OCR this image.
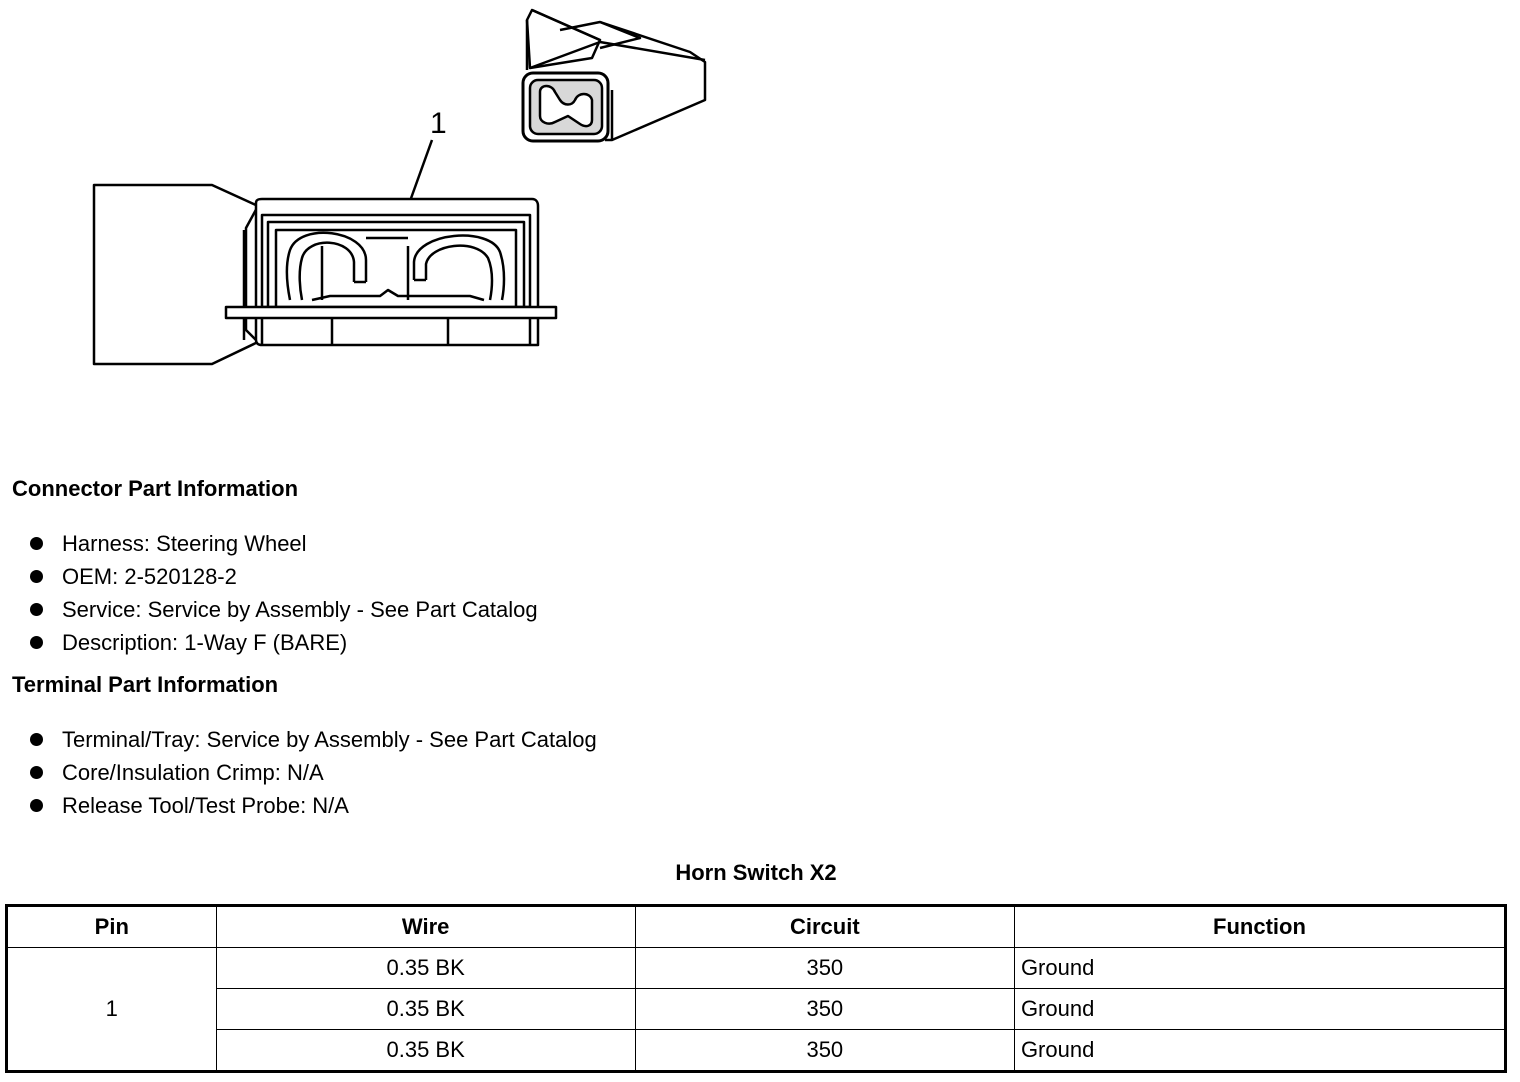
1
Connector Part Information
Harness: Steering Wheel
OEM: 2-520128-2
Service: Service by Assembly - See Part Catalog
Description: 1-Way F (BARE)
Terminal Part Information
Terminal/Tray: Service by Assembly - See Part Catalog
Core/Insulation Crimp: N/A
Release Tool/Test Probe: N/A
Horn Switch X2
Pin	Wire	Circuit	Function
1	0.35 BK	350	Ground
	0.35 BK	350	Ground
	0.35 BK	350	Ground
